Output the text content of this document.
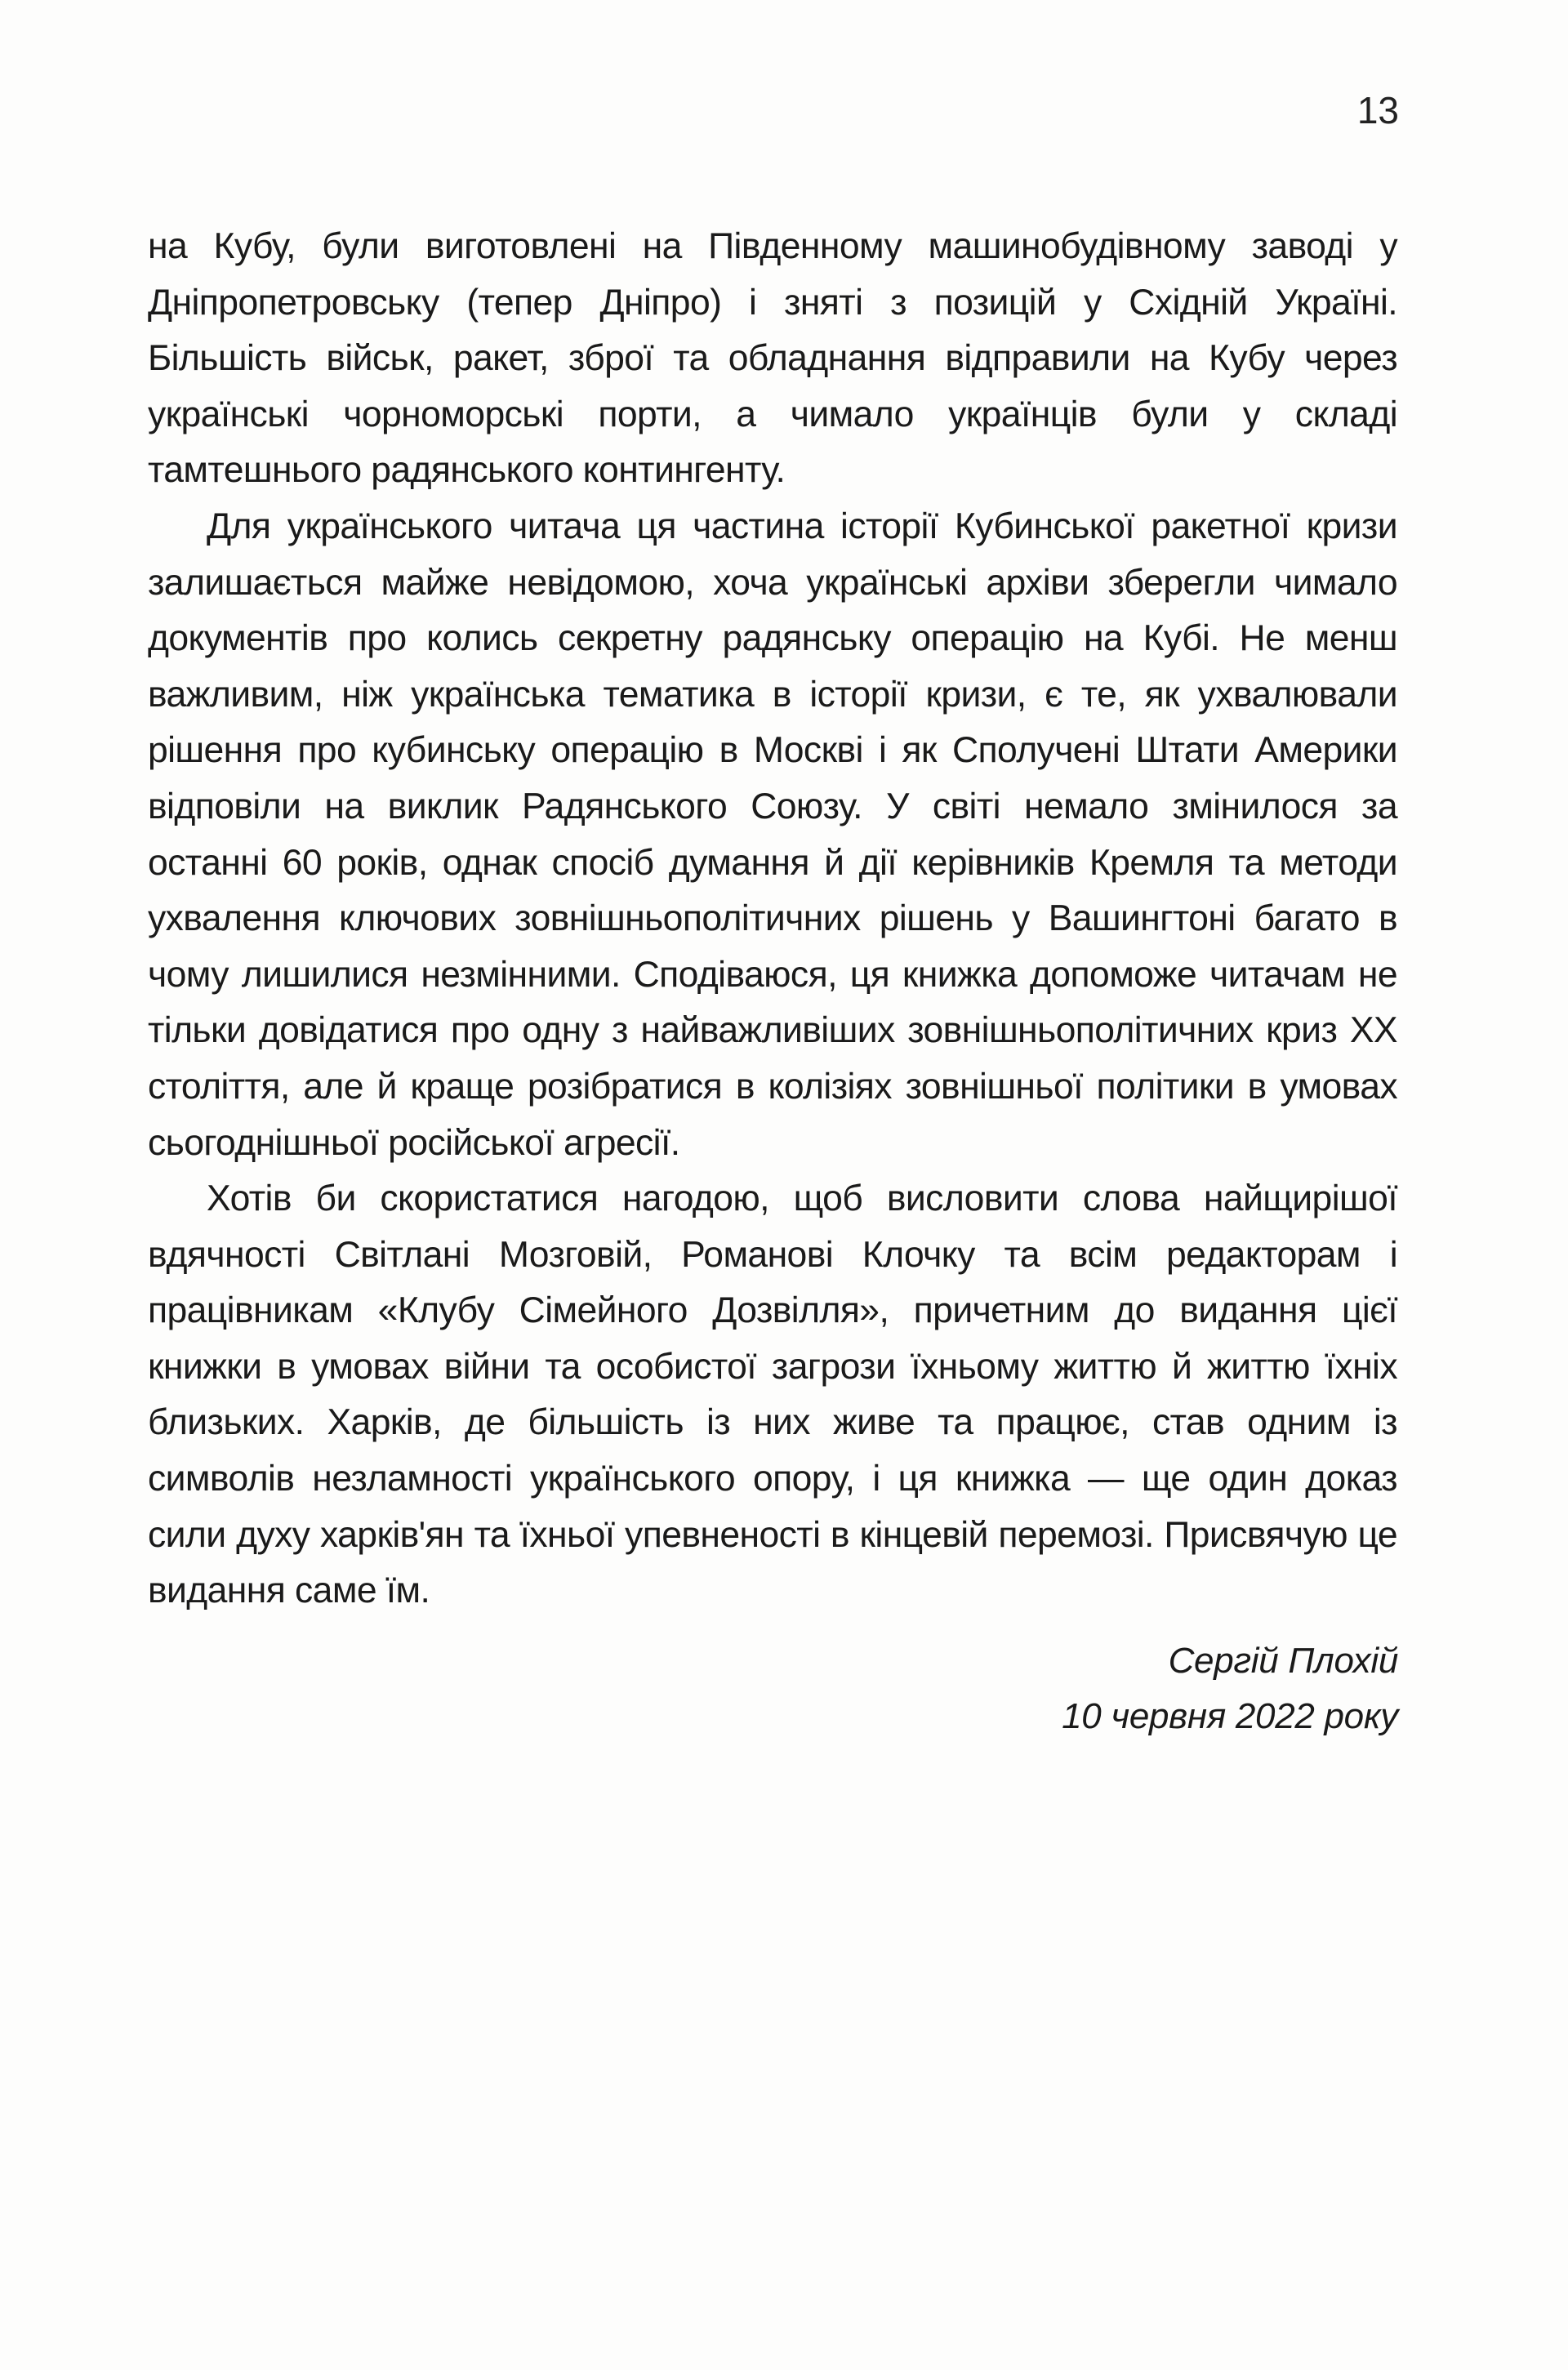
13

на Кубу, були виготовлені на Південному машинобудівному заводі у Дніпропетровську (тепер Дніпро) і зняті з позицій у Східній Україні. Більшість військ, ракет, зброї та обладнання відправили на Кубу через українські чорноморські порти, а чимало українців були у складі тамтешнього радянського контингенту.

Для українського читача ця частина історії Кубинської ракетної кризи залишається майже невідомою, хоча українські архіви зберегли чимало документів про колись секретну радянську операцію на Кубі. Не менш важливим, ніж українська тематика в історії кризи, є те, як ухвалювали рішення про кубинську операцію в Москві і як Сполучені Штати Америки відповіли на виклик Радянського Союзу. У світі немало змінилося за останні 60 років, однак спосіб думання й дії керівників Кремля та методи ухвалення ключових зовнішньополітичних рішень у Вашингтоні багато в чому лишилися незмінними. Сподіваюся, ця книжка допоможе читачам не тільки довідатися про одну з найважливіших зовнішньополітичних криз XX століття, але й краще розібратися в колізіях зовнішньої політики в умовах сьогоднішньої російської агресії.

Хотів би скористатися нагодою, щоб висловити слова найщирішої вдячності Світлані Мозговій, Романові Клочку та всім редакторам і працівникам «Клубу Сімейного Дозвілля», причетним до видання цієї книжки в умовах війни та особистої загрози їхньому життю й життю їхніх близьких. Харків, де більшість із них живе та працює, став одним із символів незламності українського опору, і ця книжка — ще один доказ сили духу харків'ян та їхньої упевненості в кінцевій перемозі. Присвячую це видання саме їм.

Сергій Плохій
10 червня 2022 року
